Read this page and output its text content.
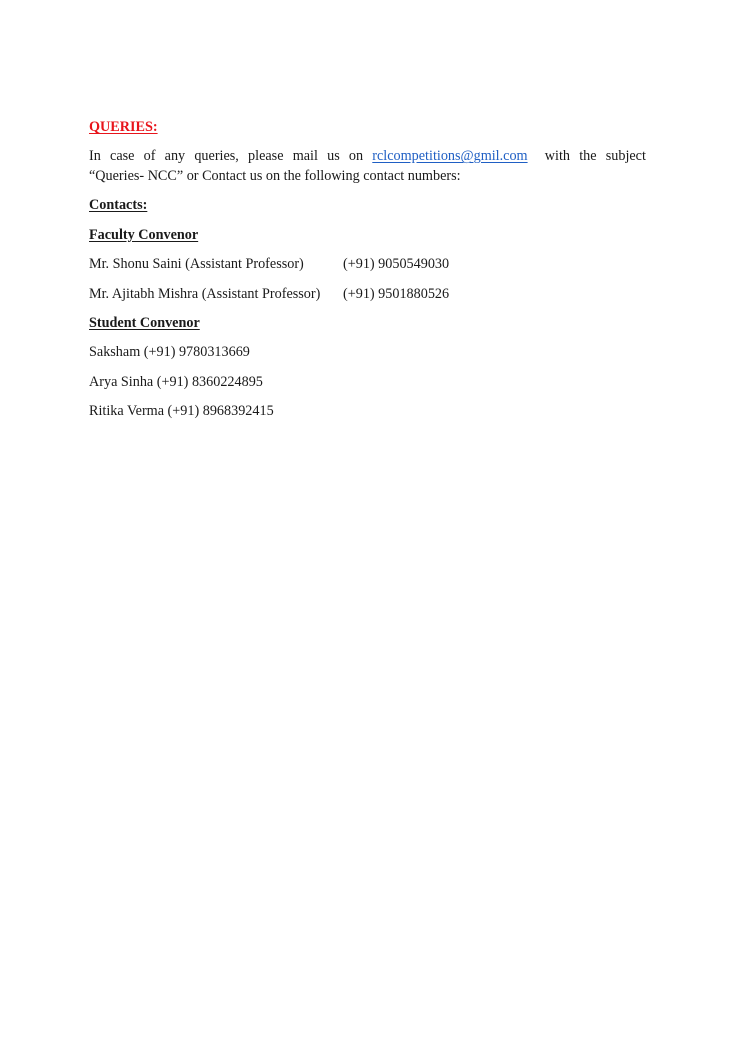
QUERIES:
In case of any queries, please mail us on rclcompetitions@gmil.com with the subject
“Queries- NCC” or Contact us on the following contact numbers:
Contacts:
Faculty Convenor
Mr. Shonu Saini (Assistant Professor)	(+91) 9050549030
Mr. Ajitabh Mishra (Assistant Professor) (+91) 9501880526
Student Convenor
Saksham (+91) 9780313669
Arya Sinha (+91) 8360224895
Ritika Verma (+91) 8968392415
